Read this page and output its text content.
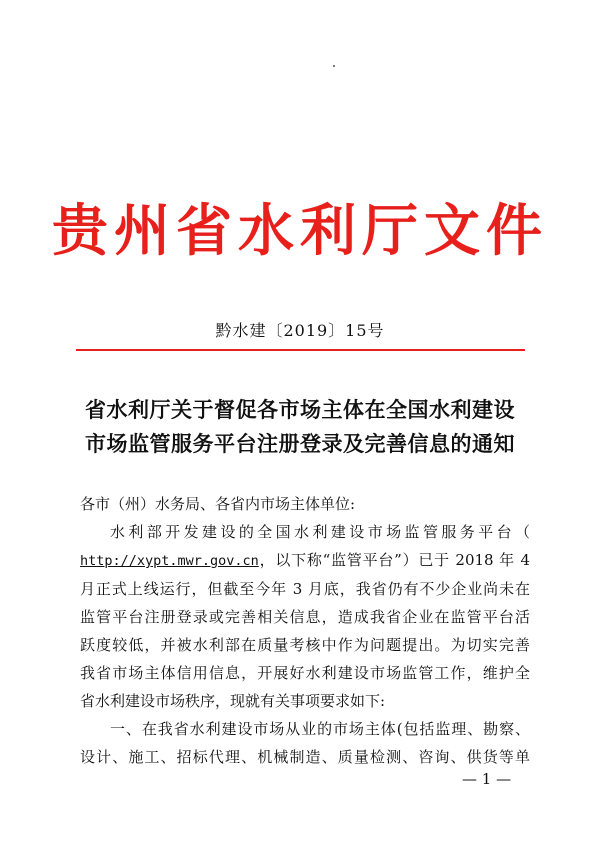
贵州省水利厅文件
黔水建〔2019〕15号
省水利厅关于督促各市场主体在全国水利建设
市场监管服务平台注册登录及完善信息的通知
各市（州）水务局、各省内市场主体单位:
水利部开发建设的全国水利建设市场监管服务平台（
http://xypt.mwr.gov.cn，以下称“监管平台”）已于 2018 年 4
月正式上线运行，但截至今年 3 月底，我省仍有不少企业尚未在
监管平台注册登录或完善相关信息，造成我省企业在监管平台活
跃度较低，并被水利部在质量考核中作为问题提出。为切实完善
我省市场主体信用信息，开展好水利建设市场监管工作，维护全
省水利建设市场秩序，现就有关事项要求如下:
一、在我省水利建设市场从业的市场主体(包括监理、勘察、
设计、施工、招标代理、机械制造、质量检测、咨询、供货等单
— 1 —
